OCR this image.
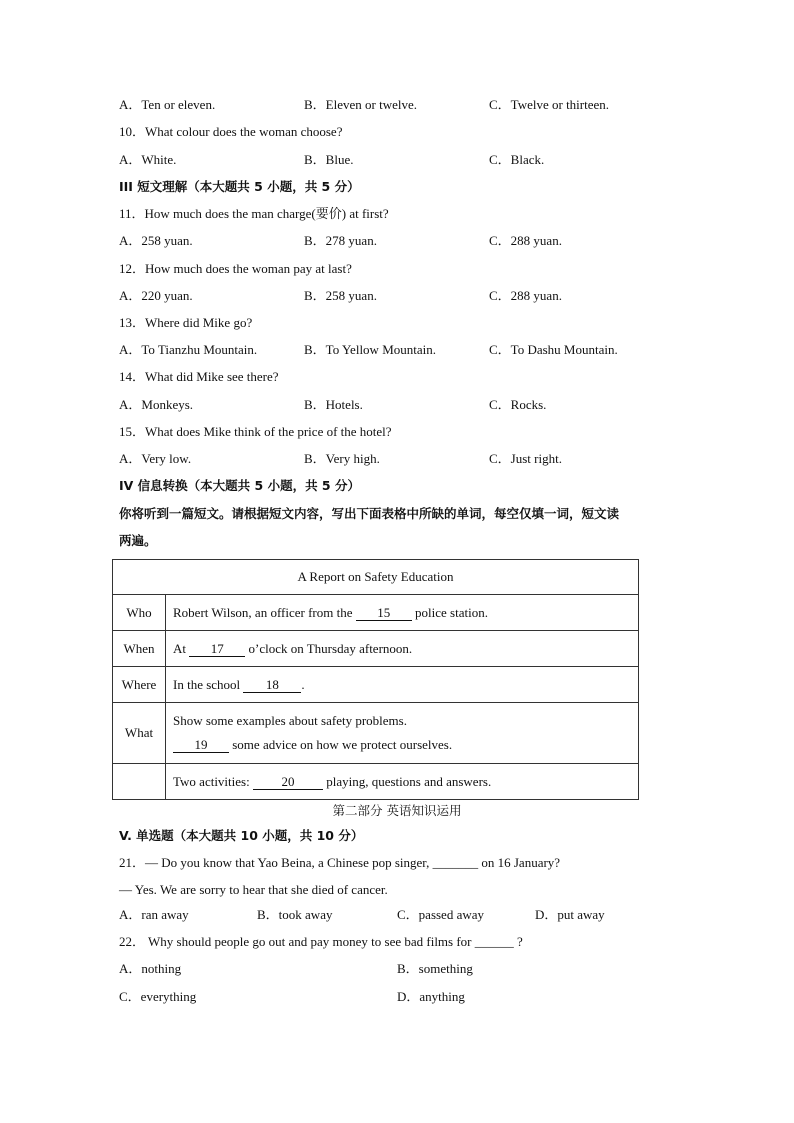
A．Ten or eleven.	B．Eleven or twelve.	C．Twelve or thirteen.
10．What colour does the woman choose?
A．White.	B．Blue.	C．Black.
III 短文理解（本大题共 5 小题，共 5 分）
11．How much does the man charge(要价) at first?
A．258 yuan.	B．278 yuan.	C．288 yuan.
12．How much does the woman pay at last?
A．220 yuan.	B．258 yuan.	C．288 yuan.
13．Where did Mike go?
A．To Tianzhu Mountain.	B．To Yellow Mountain.	C．To Dashu Mountain.
14．What did Mike see there?
A．Monkeys.	B．Hotels.	C．Rocks.
15．What does Mike think of the price of the hotel?
A．Very low.	B．Very high.	C．Just right.
IV 信息转换（本大题共 5 小题，共 5 分）
你将听到一篇短文。请根据短文内容，写出下面表格中所缺的单词，每空仅填一词，短文读
两遍。
A Report on Safety Education	
Who	Robert Wilson, an officer from the 15 police station.
When	At 17 o’clock on Thursday afternoon.
Where	In the school 18 .
What	Show some examples about safety problems.
19 some advice on how we protect ourselves.

	Two activities: 20 playing, questions and answers.
第二部分 英语知识运用
V. 单选题（本大题共 10 小题，共 10 分）
21．— Do you know that Yao Beina, a Chinese pop singer, _______ on 16 January?
— Yes. We are sorry to hear that she died of cancer.
A．ran away	B．took away	C．passed away	D．put away
22． Why should people go out and pay money to see bad films for ______ ?
A．nothing	B．something
C．everything	D．anything
